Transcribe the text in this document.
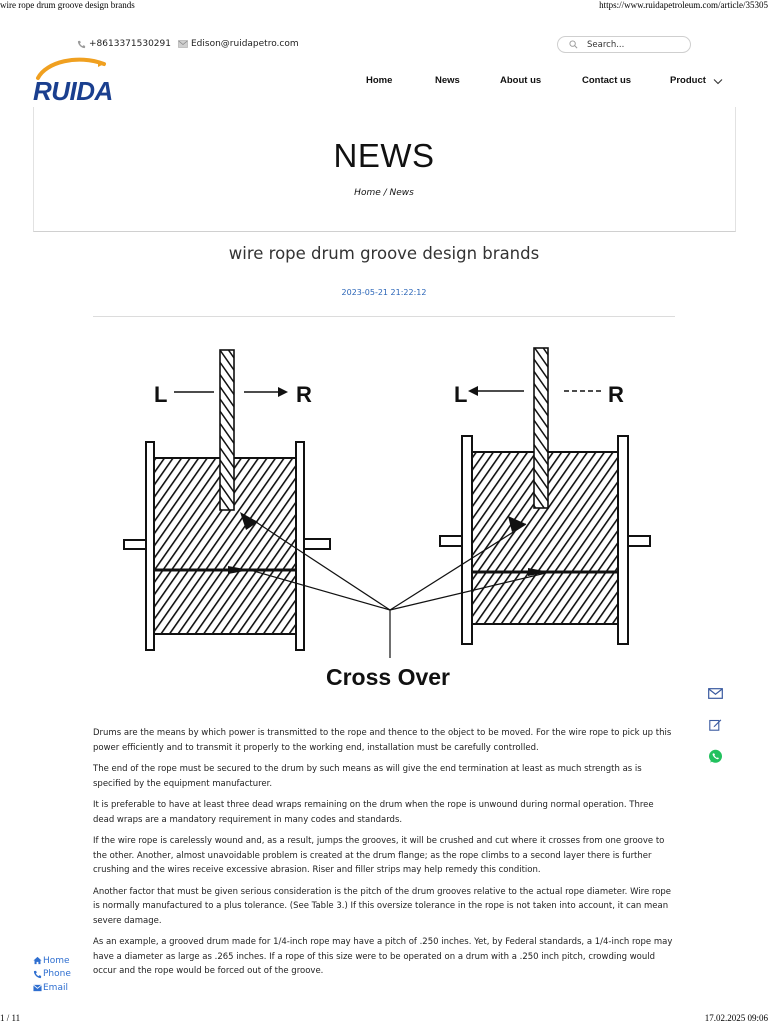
wire rope drum groove design brands	https://www.ruidapetroleum.com/article/35305
+8613371530291 Edison@ruidapetro.com
Search...
RUIDA	Home	News	About us	Contact us	Product
NEWS
Home / News
wire rope drum groove design brands
2023-05-21 21:22:12
L	R	L	R
Cross Over

Drums are the means by which power is transmitted to the rope and thence to the object to be moved. For the wire rope to pick up this power efficiently and to transmit it properly to the working end, installation must be carefully controlled.

The end of the rope must be secured to the drum by such means as will give the end termination at least as much strength as is specified by the equipment manufacturer.

It is preferable to have at least three dead wraps remaining on the drum when the rope is unwound during normal operation. Three dead wraps are a mandatory requirement in many codes and standards.

If the wire rope is carelessly wound and, as a result, jumps the grooves, it will be crushed and cut where it crosses from one groove to the other. Another, almost unavoidable problem is created at the drum flange; as the rope climbs to a second layer there is further crushing and the wires receive excessive abrasion. Riser and filler strips may help remedy this condition.

Another factor that must be given serious consideration is the pitch of the drum grooves relative to the actual rope diameter. Wire rope is normally manufactured to a plus tolerance. (See Table 3.) If this oversize tolerance in the rope is not taken into account, it can mean severe damage.

As an example, a grooved drum made for 1/4-inch rope may have a pitch of .250 inches. Yet, by Federal standards, a 1/4-inch rope may have a diameter as large as .265 inches. If a rope of this size were to be operated on a drum with a .250 inch pitch, crowding would occur and the rope would be forced out of the groove.

Home
Phone
Email
1 / 11	17.02.2025 09:06
